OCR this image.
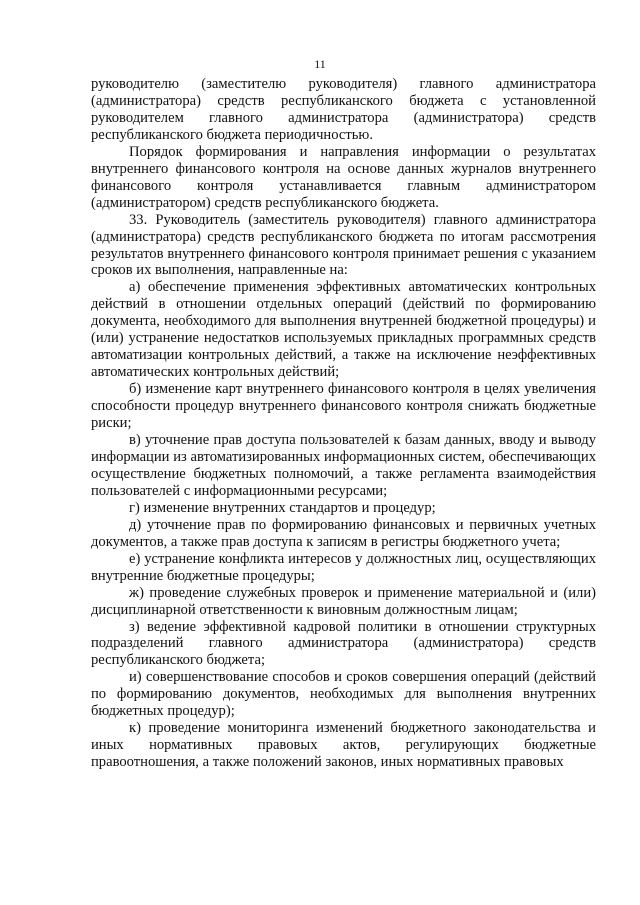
11

руководителю (заместителю руководителя) главного администратора (администратора) средств республиканского бюджета с установленной руководителем главного администратора (администратора) средств республиканского бюджета периодичностью.

Порядок формирования и направления информации о результатах внутреннего финансового контроля на основе данных журналов внутреннего финансового контроля устанавливается главным администратором (администратором) средств республиканского бюджета.

33. Руководитель (заместитель руководителя) главного администратора (администратора) средств республиканского бюджета по итогам рассмотрения результатов внутреннего финансового контроля принимает решения с указанием сроков их выполнения, направленные на:

а) обеспечение применения эффективных автоматических контрольных действий в отношении отдельных операций (действий по формированию документа, необходимого для выполнения внутренней бюджетной процедуры) и (или) устранение недостатков используемых прикладных программных средств автоматизации контрольных действий, а также на исключение неэффективных автоматических контрольных действий;

б) изменение карт внутреннего финансового контроля в целях увеличения способности процедур внутреннего финансового контроля снижать бюджетные риски;

в) уточнение прав доступа пользователей к базам данных, вводу и выводу информации из автоматизированных информационных систем, обеспечивающих осуществление бюджетных полномочий, а также регламента взаимодействия пользователей с информационными ресурсами;

г) изменение внутренних стандартов и процедур;

д) уточнение прав по формированию финансовых и первичных учетных документов, а также прав доступа к записям в регистры бюджетного учета;

е) устранение конфликта интересов у должностных лиц, осуществляющих внутренние бюджетные процедуры;

ж) проведение служебных проверок и применение материальной и (или) дисциплинарной ответственности к виновным должностным лицам;

з) ведение эффективной кадровой политики в отношении структурных подразделений главного администратора (администратора) средств республиканского бюджета;

и) совершенствование способов и сроков совершения операций (действий по формированию документов, необходимых для выполнения внутренних бюджетных процедур);

к) проведение мониторинга изменений бюджетного законодательства и иных нормативных правовых актов, регулирующих бюджетные правоотношения, а также положений законов, иных нормативных правовых
